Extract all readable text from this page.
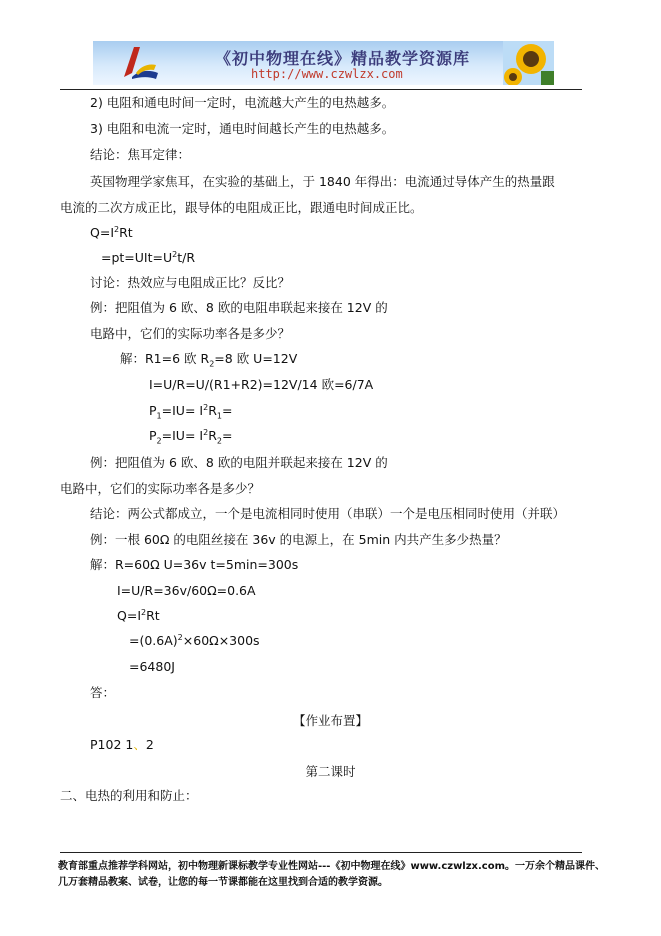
《初中物理在线》精品教学资源库
http://www.czwlzx.com
2) 电阻和通电时间一定时，电流越大产生的电热越多。
3) 电阻和电流一定时，通电时间越长产生的电热越多。
结论：焦耳定律：
英国物理学家焦耳，在实验的基础上，于 1840 年得出：电流通过导体产生的热量跟
电流的二次方成正比，跟导体的电阻成正比，跟通电时间成正比。
$Q=I^2Rt$
$=pt=UIt=U^2t/R$
讨论：热效应与电阻成正比？反比？
例：把阻值为 6 欧、8 欧的电阻串联起来接在 12V 的
电路中，它们的实际功率各是多少？
解：R1=6 欧 $R_2=8$ 欧 U=12V
I=U/R=U/(R1+R2)=12V/14 欧=6/7A
$P_1=IU= I^2R_1=$
$P_2=IU= I^2R_2=$
例：把阻值为 6 欧、8 欧的电阻并联起来接在 12V 的
电路中，它们的实际功率各是多少？
结论：两公式都成立，一个是电流相同时使用（串联）一个是电压相同时使用（并联）
例：一根 60Ω 的电阻丝接在 36v 的电源上，在 5min 内共产生多少热量？
解：R=60Ω U=36v t=5min=300s
I=U/R=36v/60Ω=0.6A
$Q=I^2Rt$
$=(0.6A)^2\times 60\Omega\times 300s$
=6480J
答：
【作业布置】
P102 1、2
第二课时
二、电热的利用和防止：
教育部重点推荐学科网站，初中物理新课标教学专业性网站---《初中物理在线》www.czwlzx.com。一万余个精品课件、
几万套精品教案、试卷，让您的每一节课都能在这里找到合适的教学资源。
